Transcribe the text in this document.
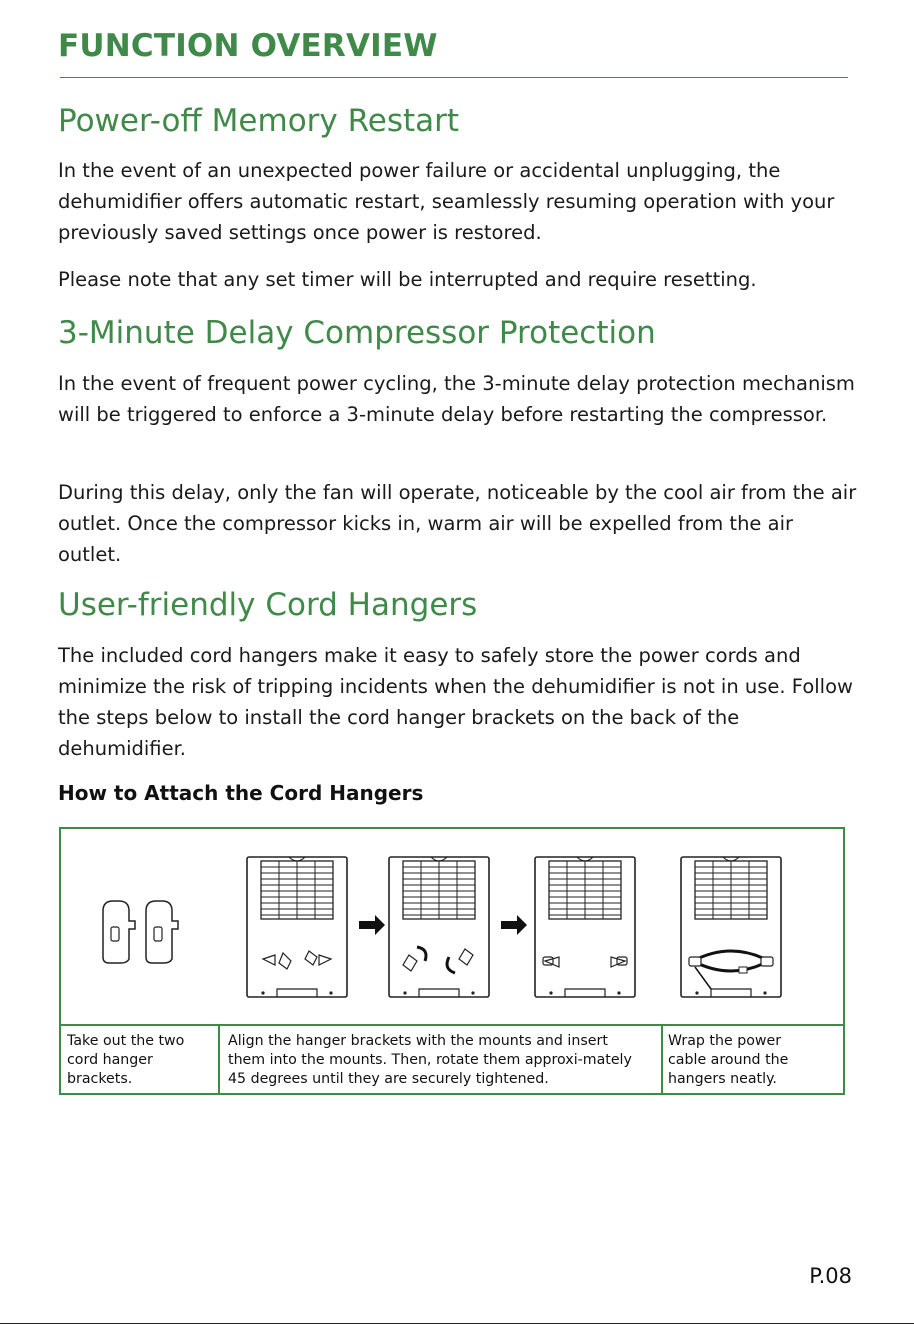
FUNCTION OVERVIEW
Power-off Memory Restart

In the event of an unexpected power failure or accidental unplugging, the dehumidifier offers automatic restart, seamlessly resuming operation with your previously saved settings once power is restored.

Please note that any set timer will be interrupted and require resetting.

3-Minute Delay Compressor Protection

In the event of frequent power cycling, the 3-minute delay protection mechanism will be triggered to enforce a 3-minute delay before restarting the compressor.

During this delay, only the fan will operate, noticeable by the cool air from the air outlet. Once the compressor kicks in, warm air will be expelled from the air outlet.

User-friendly Cord Hangers

The included cord hangers make it easy to safely store the power cords and minimize the risk of tripping incidents when the dehumidifier is not in use. Follow the steps below to install the cord hanger brackets on the back of the dehumidifier.

How to Attach the Cord Hangers

Take out the two cord hanger brackets.

Align the hanger brackets with the mounts and insert them into the mounts. Then, rotate them approxi-mately 45 degrees until they are securely tightened.

Wrap the power cable around the hangers neatly.

P.08
